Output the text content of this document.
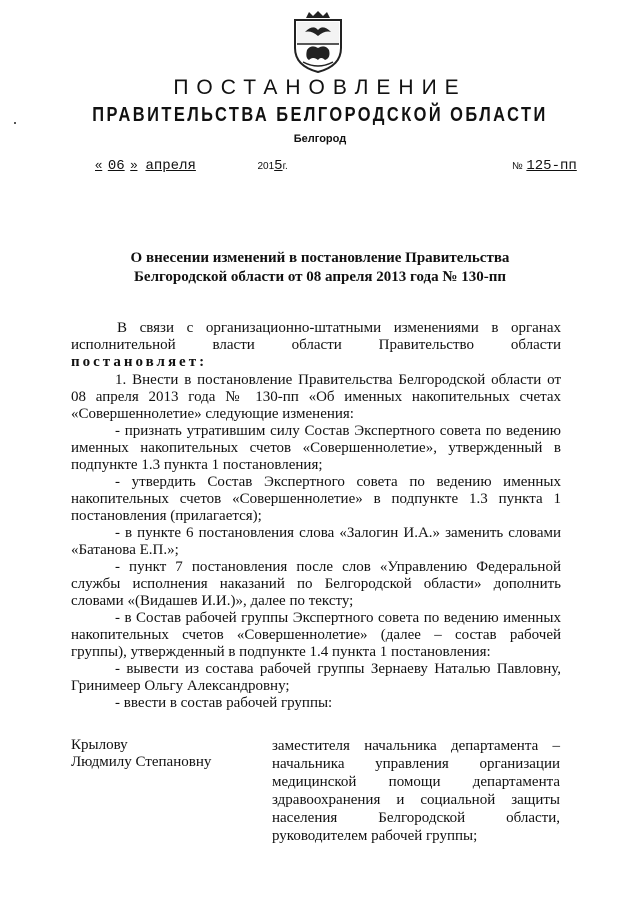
ПОСТАНОВЛЕНИЕ
ПРАВИТЕЛЬСТВА БЕЛГОРОДСКОЙ ОБЛАСТИ
Белгород
« 06 » апреля	2015г.	№ 125-пп
О внесении изменений в постановление Правительства
Белгородской области от 08 апреля 2013 года № 130-пп
В связи с организационно-штатными изменениями в органах
исполнительной власти области Правительство области
постановляет:
1. Внести в постановление Правительства Белгородской области от 08 апреля 2013 года № 130-пп «Об именных накопительных счетах «Совершеннолетие» следующие изменения:
- признать утратившим силу Состав Экспертного совета по ведению именных накопительных счетов «Совершеннолетие», утвержденный в подпункте 1.3 пункта 1 постановления;
- утвердить Состав Экспертного совета по ведению именных накопительных счетов «Совершеннолетие» в подпункте 1.3 пункта 1 постановления (прилагается);
- в пункте 6 постановления слова «Залогин И.А.» заменить словами «Батанова Е.П.»;
- пункт 7 постановления после слов «Управлению Федеральной службы исполнения наказаний по Белгородской области» дополнить словами «(Видашев И.И.)», далее по тексту;
- в Состав рабочей группы Экспертного совета по ведению именных накопительных счетов «Совершеннолетие» (далее – состав рабочей группы), утвержденный в подпункте 1.4 пункта 1 постановления:
- вывести из состава рабочей группы Зернаеву Наталью Павловну, Гринимеер Ольгу Александровну;
- ввести в состав рабочей группы:
Крылову
Людмилу Степановну
заместителя начальника департамента – начальника управления организации медицинской помощи департамента здравоохранения и социальной защиты населения Белгородской области, руководителем рабочей группы;
